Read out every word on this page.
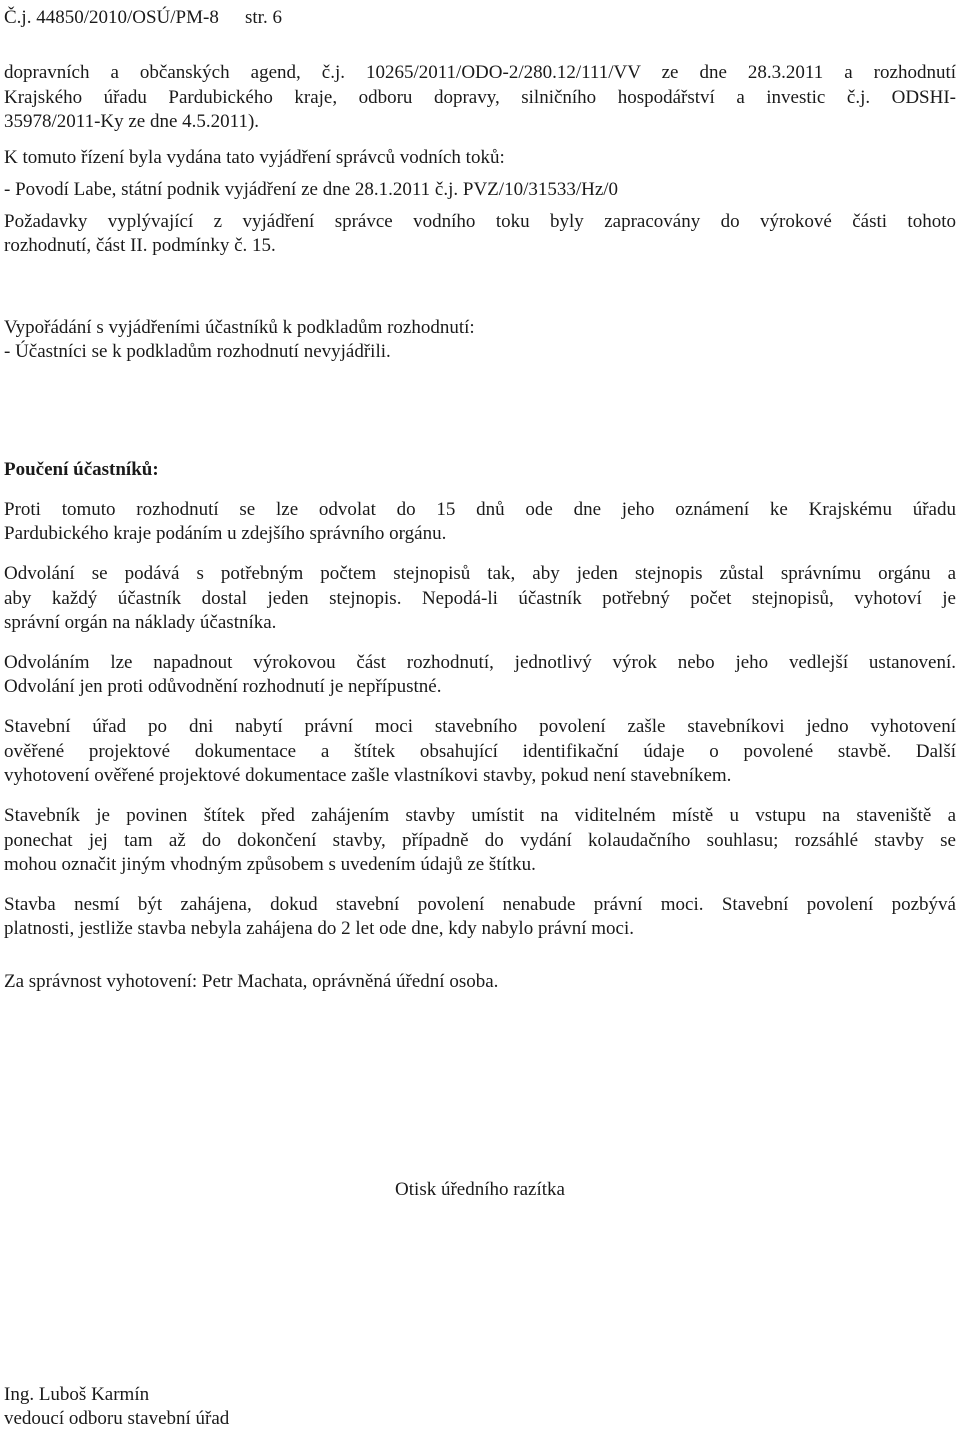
Č.j. 44850/2010/OSÚ/PM-8 str. 6
dopravních a občanských agend, č.j. 10265/2011/ODO-2/280.12/111/VV ze dne 28.3.2011 a rozhodnutí
Krajského úřadu Pardubického kraje, odboru dopravy, silničního hospodářství a investic č.j. ODSHI-
35978/2011-Ky ze dne 4.5.2011).
K tomuto řízení byla vydána tato vyjádření správců vodních toků:
- Povodí Labe, státní podnik vyjádření ze dne 28.1.2011 č.j. PVZ/10/31533/Hz/0
Požadavky vyplývající z vyjádření správce vodního toku byly zapracovány do výrokové části tohoto
rozhodnutí, část II. podmínky č. 15.
Vypořádání s vyjádřeními účastníků k podkladům rozhodnutí:
- Účastníci se k podkladům rozhodnutí nevyjádřili.
Poučení účastníků:
Proti tomuto rozhodnutí se lze odvolat do 15 dnů ode dne jeho oznámení ke Krajskému úřadu
Pardubického kraje podáním u zdejšího správního orgánu.
Odvolání se podává s potřebným počtem stejnopisů tak, aby jeden stejnopis zůstal správnímu orgánu a
aby každý účastník dostal jeden stejnopis. Nepodá-li účastník potřebný počet stejnopisů, vyhotoví je
správní orgán na náklady účastníka.
Odvoláním lze napadnout výrokovou část rozhodnutí, jednotlivý výrok nebo jeho vedlejší ustanovení.
Odvolání jen proti odůvodnění rozhodnutí je nepřípustné.
Stavební úřad po dni nabytí právní moci stavebního povolení zašle stavebníkovi jedno vyhotovení
ověřené projektové dokumentace a štítek obsahující identifikační údaje o povolené stavbě. Další
vyhotovení ověřené projektové dokumentace zašle vlastníkovi stavby, pokud není stavebníkem.
Stavebník je povinen štítek před zahájením stavby umístit na viditelném místě u vstupu na staveniště a
ponechat jej tam až do dokončení stavby, případně do vydání kolaudačního souhlasu; rozsáhlé stavby se
mohou označit jiným vhodným způsobem s uvedením údajů ze štítku.
Stavba nesmí být zahájena, dokud stavební povolení nenabude právní moci. Stavební povolení pozbývá
platnosti, jestliže stavba nebyla zahájena do 2 let ode dne, kdy nabylo právní moci.
Za správnost vyhotovení: Petr Machata, oprávněná úřední osoba.
Otisk úředního razítka
Ing. Luboš Karmín
vedoucí odboru stavební úřad
